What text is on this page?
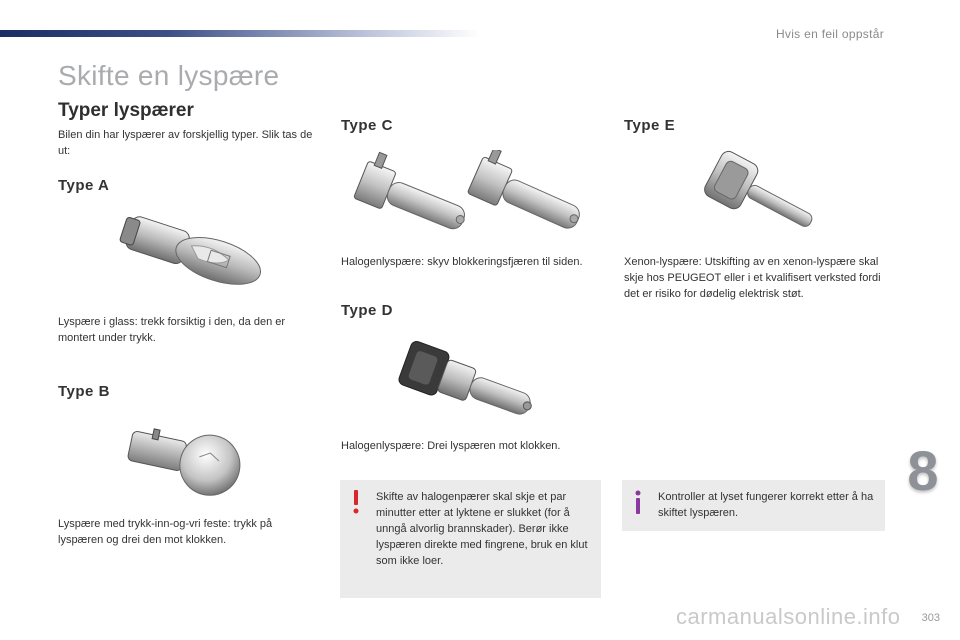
Hvis en feil oppstår
Skifte en lyspære
Typer lyspærer

Bilen din har lyspærer av forskjellig typer. Slik tas de ut:

Type A

Lyspære i glass: trekk forsiktig i den, da den er montert under trykk.

Type B

Lyspære med trykk-inn-og-vri feste: trykk på lyspæren og drei den mot klokken.

Type C

Halogenlyspære: skyv blokkeringsfjæren til siden.

Type D

Halogenlyspære: Drei lyspæren mot klokken.

Skifte av halogenpærer skal skje et par minutter etter at lyktene er slukket (for å unngå alvorlig brannskader). Berør ikke lyspæren direkte med fingrene, bruk en klut som ikke loer.

Type E

Xenon-lyspære: Utskifting av en xenon-lyspære skal skje hos PEUGEOT eller i et kvalifisert verksted fordi det er risiko for dødelig elektrisk støt.

Kontroller at lyset fungerer korrekt etter å ha skiftet lyspæren.

8
303
carmanualsonline.info
